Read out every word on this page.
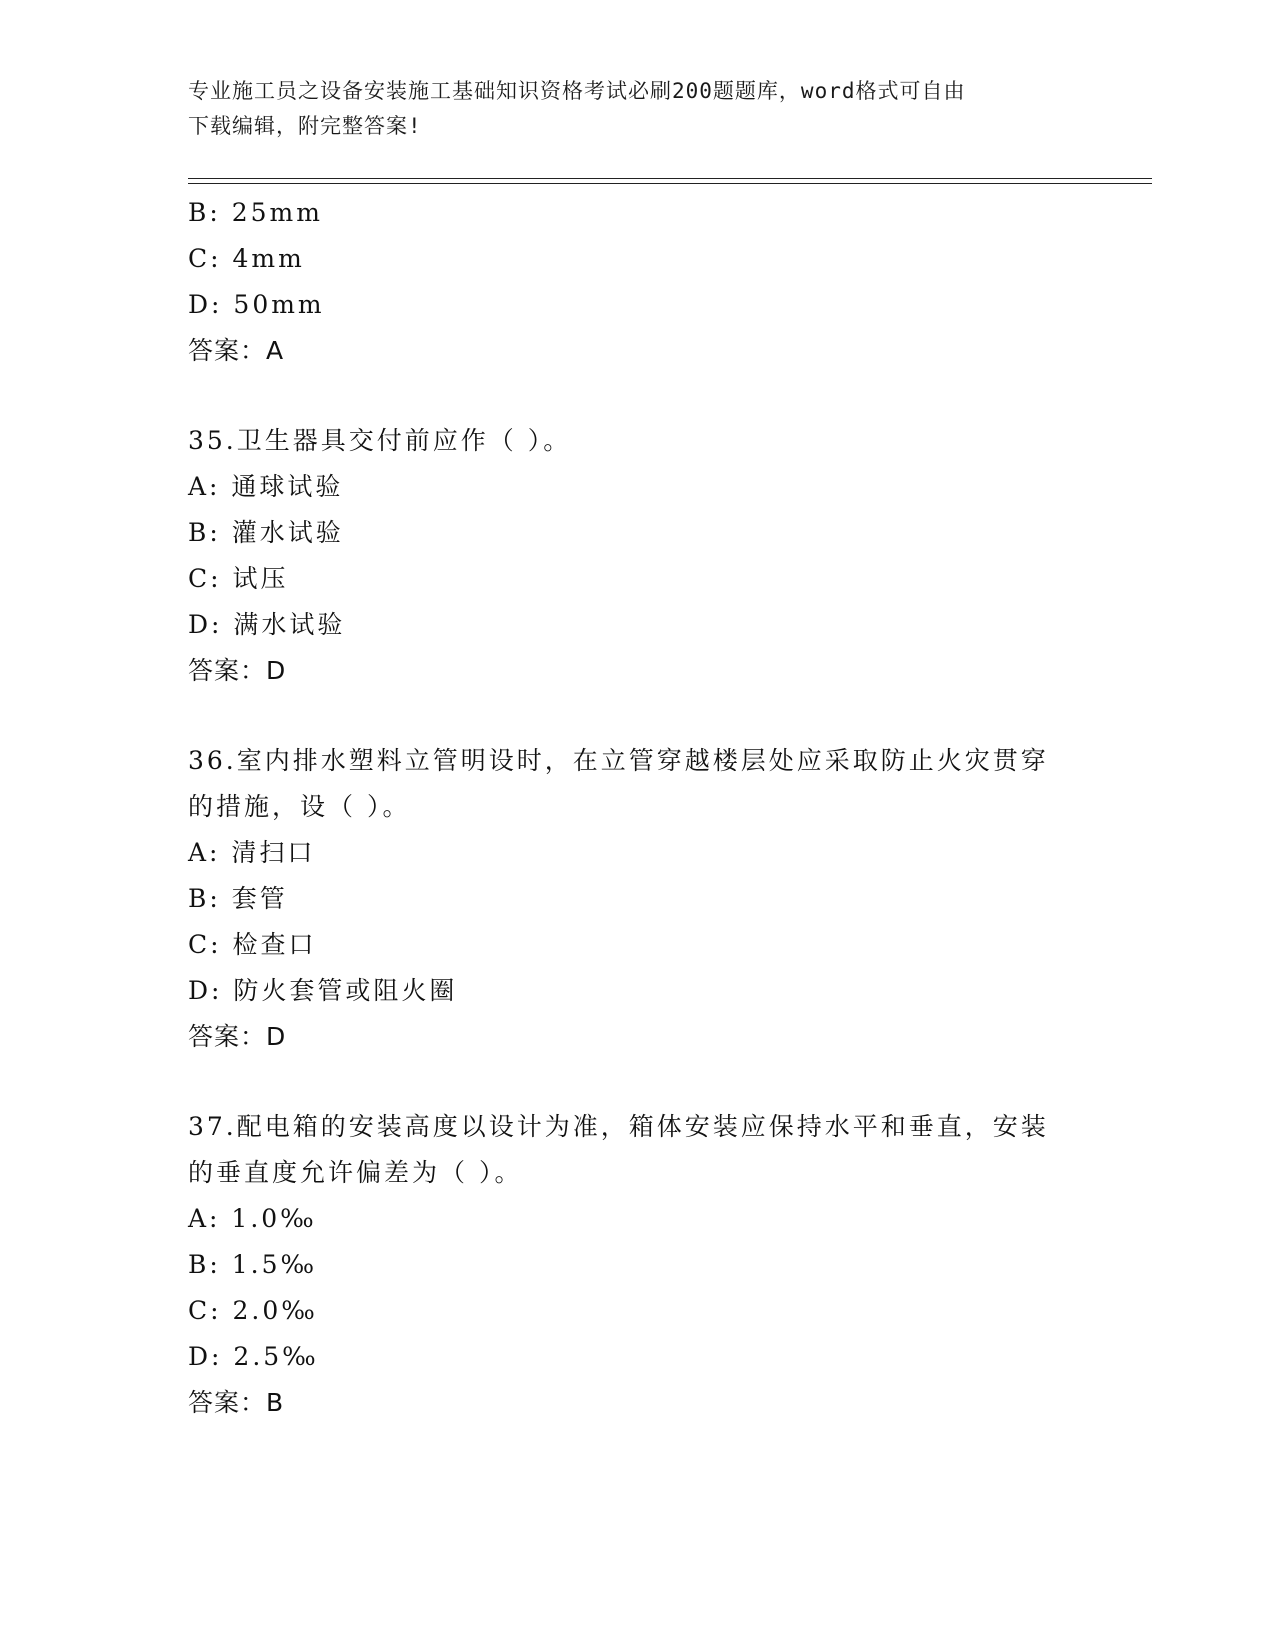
专业施工员之设备安装施工基础知识资格考试必刷200题题库，word格式可自由
下载编辑，附完整答案!
B: 25mm
C: 4mm
D: 50mm
答案：A
35.卫生器具交付前应作（ ）。
A: 通球试验
B: 灌水试验
C: 试压
D: 满水试验
答案：D
36.室内排水塑料立管明设时，在立管穿越楼层处应采取防止火灾贯穿
的措施，设（ ）。
A: 清扫口
B: 套管
C: 检查口
D: 防火套管或阻火圈
答案：D
37.配电箱的安装高度以设计为准，箱体安装应保持水平和垂直，安装
的垂直度允许偏差为（ ）。
A: 1.0‰
B: 1.5‰
C: 2.0‰
D: 2.5‰
答案：B
